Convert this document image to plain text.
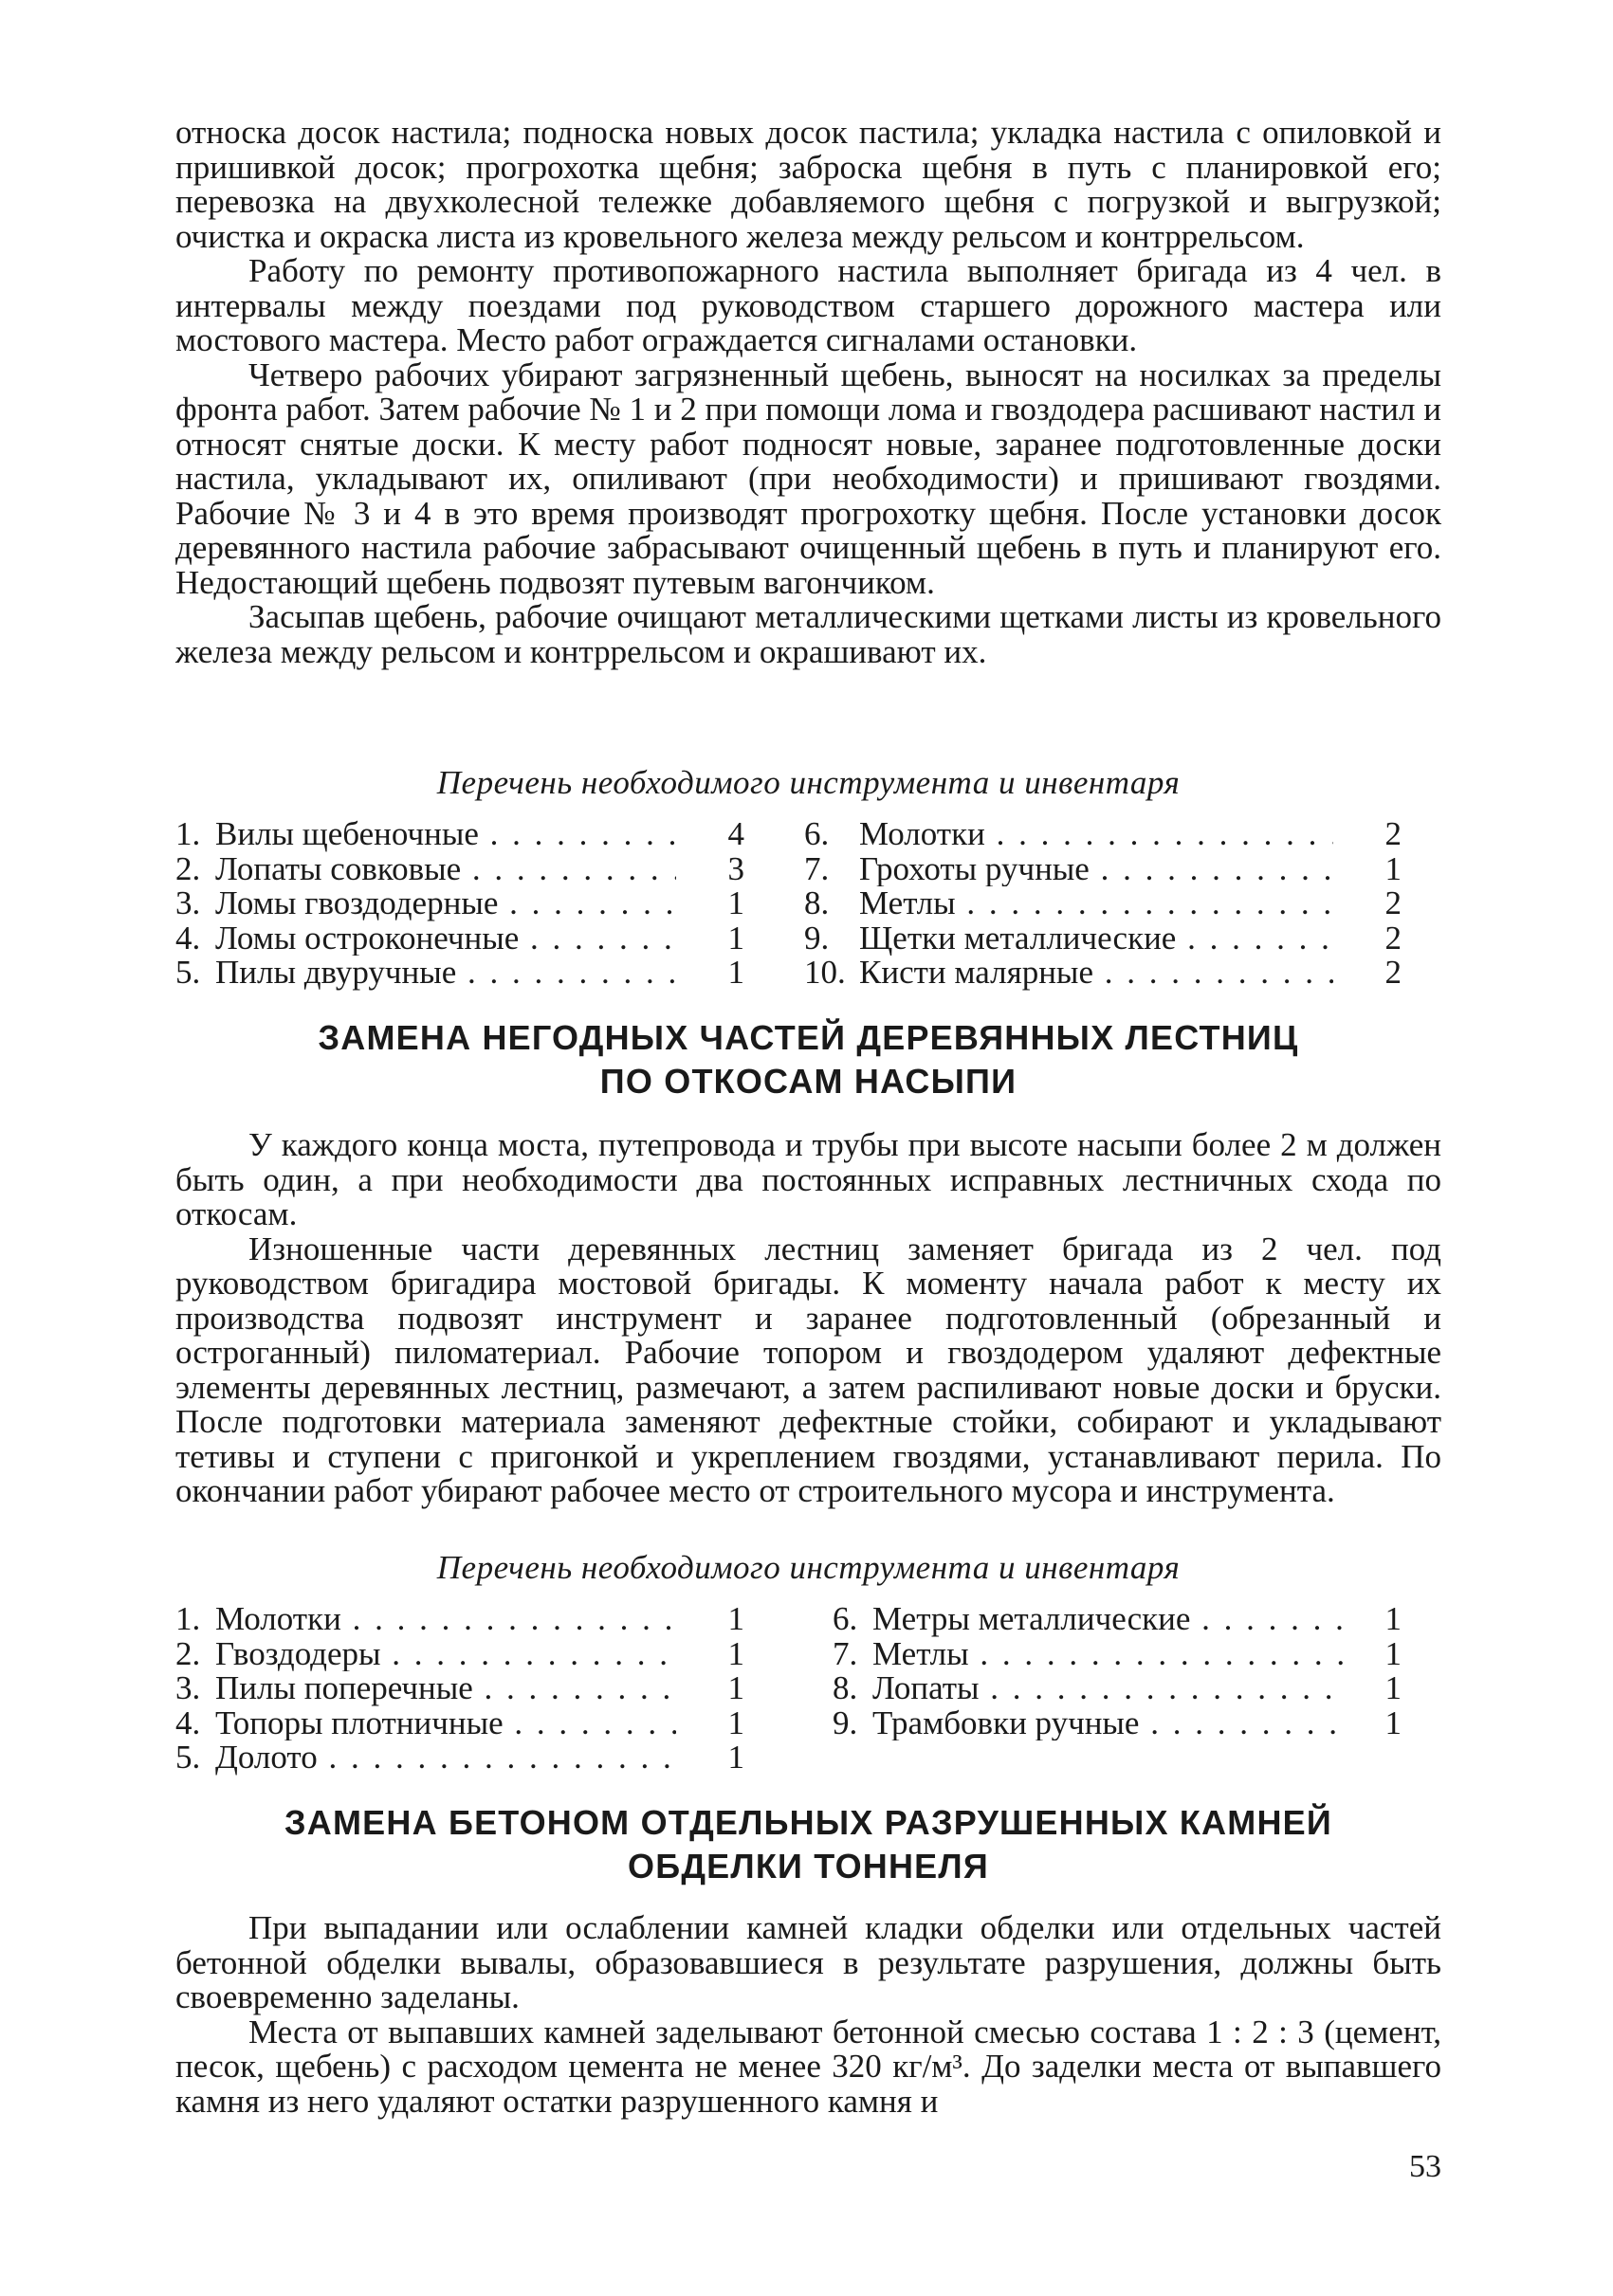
относка досок настила; подноска новых досок пастила; укладка настила с опиловкой и пришивкой досок; прогрохотка щебня; заброска щебня в путь с планировкой его; перевозка на двухколесной тележке добавляемого щебня с погрузкой и выгрузкой; очистка и окраска листа из кровельного железа между рельсом и контррельсом.

Работу по ремонту противопожарного настила выполняет бригада из 4 чел. в интервалы между поездами под руководством старшего дорожного мастера или мостового мастера. Место работ ограждается сигналами остановки.

Четверо рабочих убирают загрязненный щебень, выносят на носилках за пределы фронта работ. Затем рабочие № 1 и 2 при помощи лома и гвоздодера расшивают настил и относят снятые доски. К месту работ подносят новые, заранее подготовленные доски настила, укладывают их, опиливают (при необходимости) и пришивают гвоздями. Рабочие № 3 и 4 в это время производят прогрохотку щебня. После установки досок деревянного настила рабочие забрасывают очищенный щебень в путь и планируют его. Недостающий щебень подвозят путевым вагончиком.

Засыпав щебень, рабочие очищают металлическими щетками листы из кровельного железа между рельсом и контррельсом и окрашивают их.

Перечень необходимого инструмента и инвентаря

1. Вилы щебеночные . . .	4
2. Лопаты совковые . . .	3
3. Ломы гвоздодерные . . .	1
4. Ломы остроконечные . . .	1
5. Пилы двуручные . . .	1
6. Молотки . . .	2
7. Грохоты ручные . . .	1
8. Метлы . . .	2
9. Щетки металлические . . .	2
10. Кисти малярные . . .	2

ЗАМЕНА НЕГОДНЫХ ЧАСТЕЙ ДЕРЕВЯННЫХ ЛЕСТНИЦ

ПО ОТКОСАМ НАСЫПИ

У каждого конца моста, путепровода и трубы при высоте насыпи более 2 м должен быть один, а при необходимости два постоянных исправных лестничных схода по откосам.

Изношенные части деревянных лестниц заменяет бригада из 2 чел. под руководством бригадира мостовой бригады. К моменту начала работ к месту их производства подвозят инструмент и заранее подготовленный (обрезанный и остроганный) пиломатериал. Рабочие топором и гвоздодером удаляют дефектные элементы деревянных лестниц, размечают, а затем распиливают новые доски и бруски. После подготовки материала заменяют дефектные стойки, собирают и укладывают тетивы и ступени с пригонкой и укреплением гвоздями, устанавливают перила. По окончании работ убирают рабочее место от строительного мусора и инструмента.

Перечень необходимого инструмента и инвентаря

1. Молотки . . .	1
2. Гвоздодеры . . .	1
3. Пилы поперечные . . .	1
4. Топоры плотничные . . .	1
5. Долото . . .	1
6. Метры металлические . . .	1
7. Метлы . . .	1
8. Лопаты . . .	1
9. Трамбовки ручные . . .	1

ЗАМЕНА БЕТОНОМ ОТДЕЛЬНЫХ РАЗРУШЕННЫХ КАМНЕЙ

ОБДЕЛКИ ТОННЕЛЯ

При выпадании или ослаблении камней кладки обделки или отдельных частей бетонной обделки вывалы, образовавшиеся в результате разрушения, должны быть своевременно заделаны.

Места от выпавших камней заделывают бетонной смесью состава 1 : 2 : 3 (цемент, песок, щебень) с расходом цемента не менее 320 кг/м³. До заделки места от выпавшего камня из него удаляют остатки разрушенного камня и

53
